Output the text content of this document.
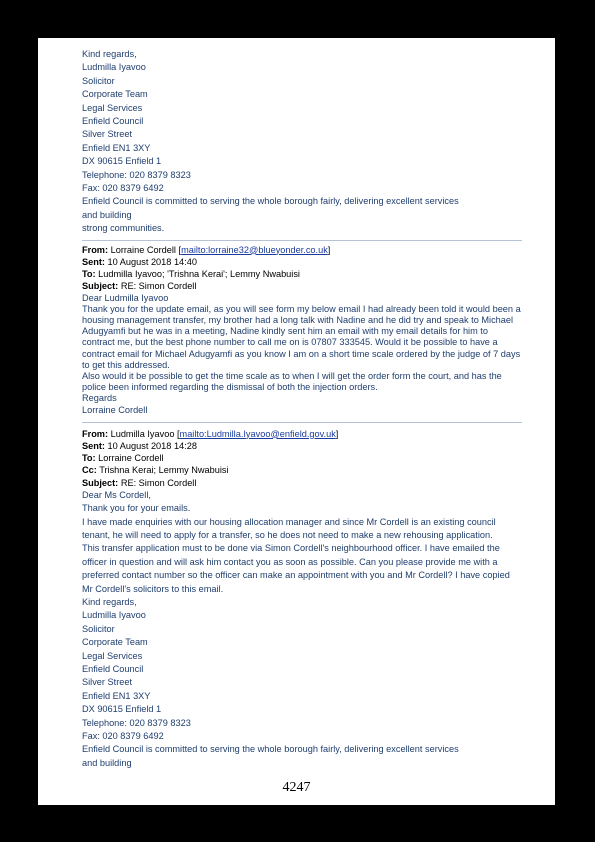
Kind regards,
Ludmilla Iyavoo
Solicitor
Corporate Team
Legal Services
Enfield Council
Silver Street
Enfield EN1 3XY
DX 90615 Enfield 1
Telephone: 020 8379 8323
Fax: 020 8379 6492
Enfield Council is committed to serving the whole borough fairly, delivering excellent services
and building
strong communities.
From: Lorraine Cordell [mailto:lorraine32@blueyonder.co.uk]
Sent: 10 August 2018 14:40
To: Ludmilla Iyavoo; 'Trishna Kerai'; Lemmy Nwabuisi
Subject: RE: Simon Cordell
Dear Ludmilla Iyavoo
Thank you for the update email, as you will see form my below email I had already been told it would been a housing management transfer, my brother had a long talk with Nadine and he did try and speak to Michael Adugyamfi but he was in a meeting, Nadine kindly sent him an email with my email details for him to contract me, but the best phone number to call me on is 07807 333545. Would it be possible to have a contract email for Michael Adugyamfi as you know I am on a short time scale ordered by the judge of 7 days to get this addressed.
Also would it be possible to get the time scale as to when I will get the order form the court, and has the police been informed regarding the dismissal of both the injection orders.
Regards
Lorraine Cordell
From: Ludmilla Iyavoo [mailto:Ludmilla.Iyavoo@enfield.gov.uk]
Sent: 10 August 2018 14:28
To: Lorraine Cordell
Cc: Trishna Kerai; Lemmy Nwabuisi
Subject: RE: Simon Cordell
Dear Ms Cordell,
Thank you for your emails.
I have made enquiries with our housing allocation manager and since Mr Cordell is an existing council tenant, he will need to apply for a transfer, so he does not need to make a new rehousing application.
This transfer application must to be done via Simon Cordell's neighbourhood officer. I have emailed the officer in question and will ask him contact you as soon as possible. Can you please provide me with a preferred contact number so the officer can make an appointment with you and Mr Cordell? I have copied Mr Cordell's solicitors to this email.
Kind regards,
Ludmilla Iyavoo
Solicitor
Corporate Team
Legal Services
Enfield Council
Silver Street
Enfield EN1 3XY
DX 90615 Enfield 1
Telephone: 020 8379 8323
Fax: 020 8379 6492
Enfield Council is committed to serving the whole borough fairly, delivering excellent services
and building
4247
